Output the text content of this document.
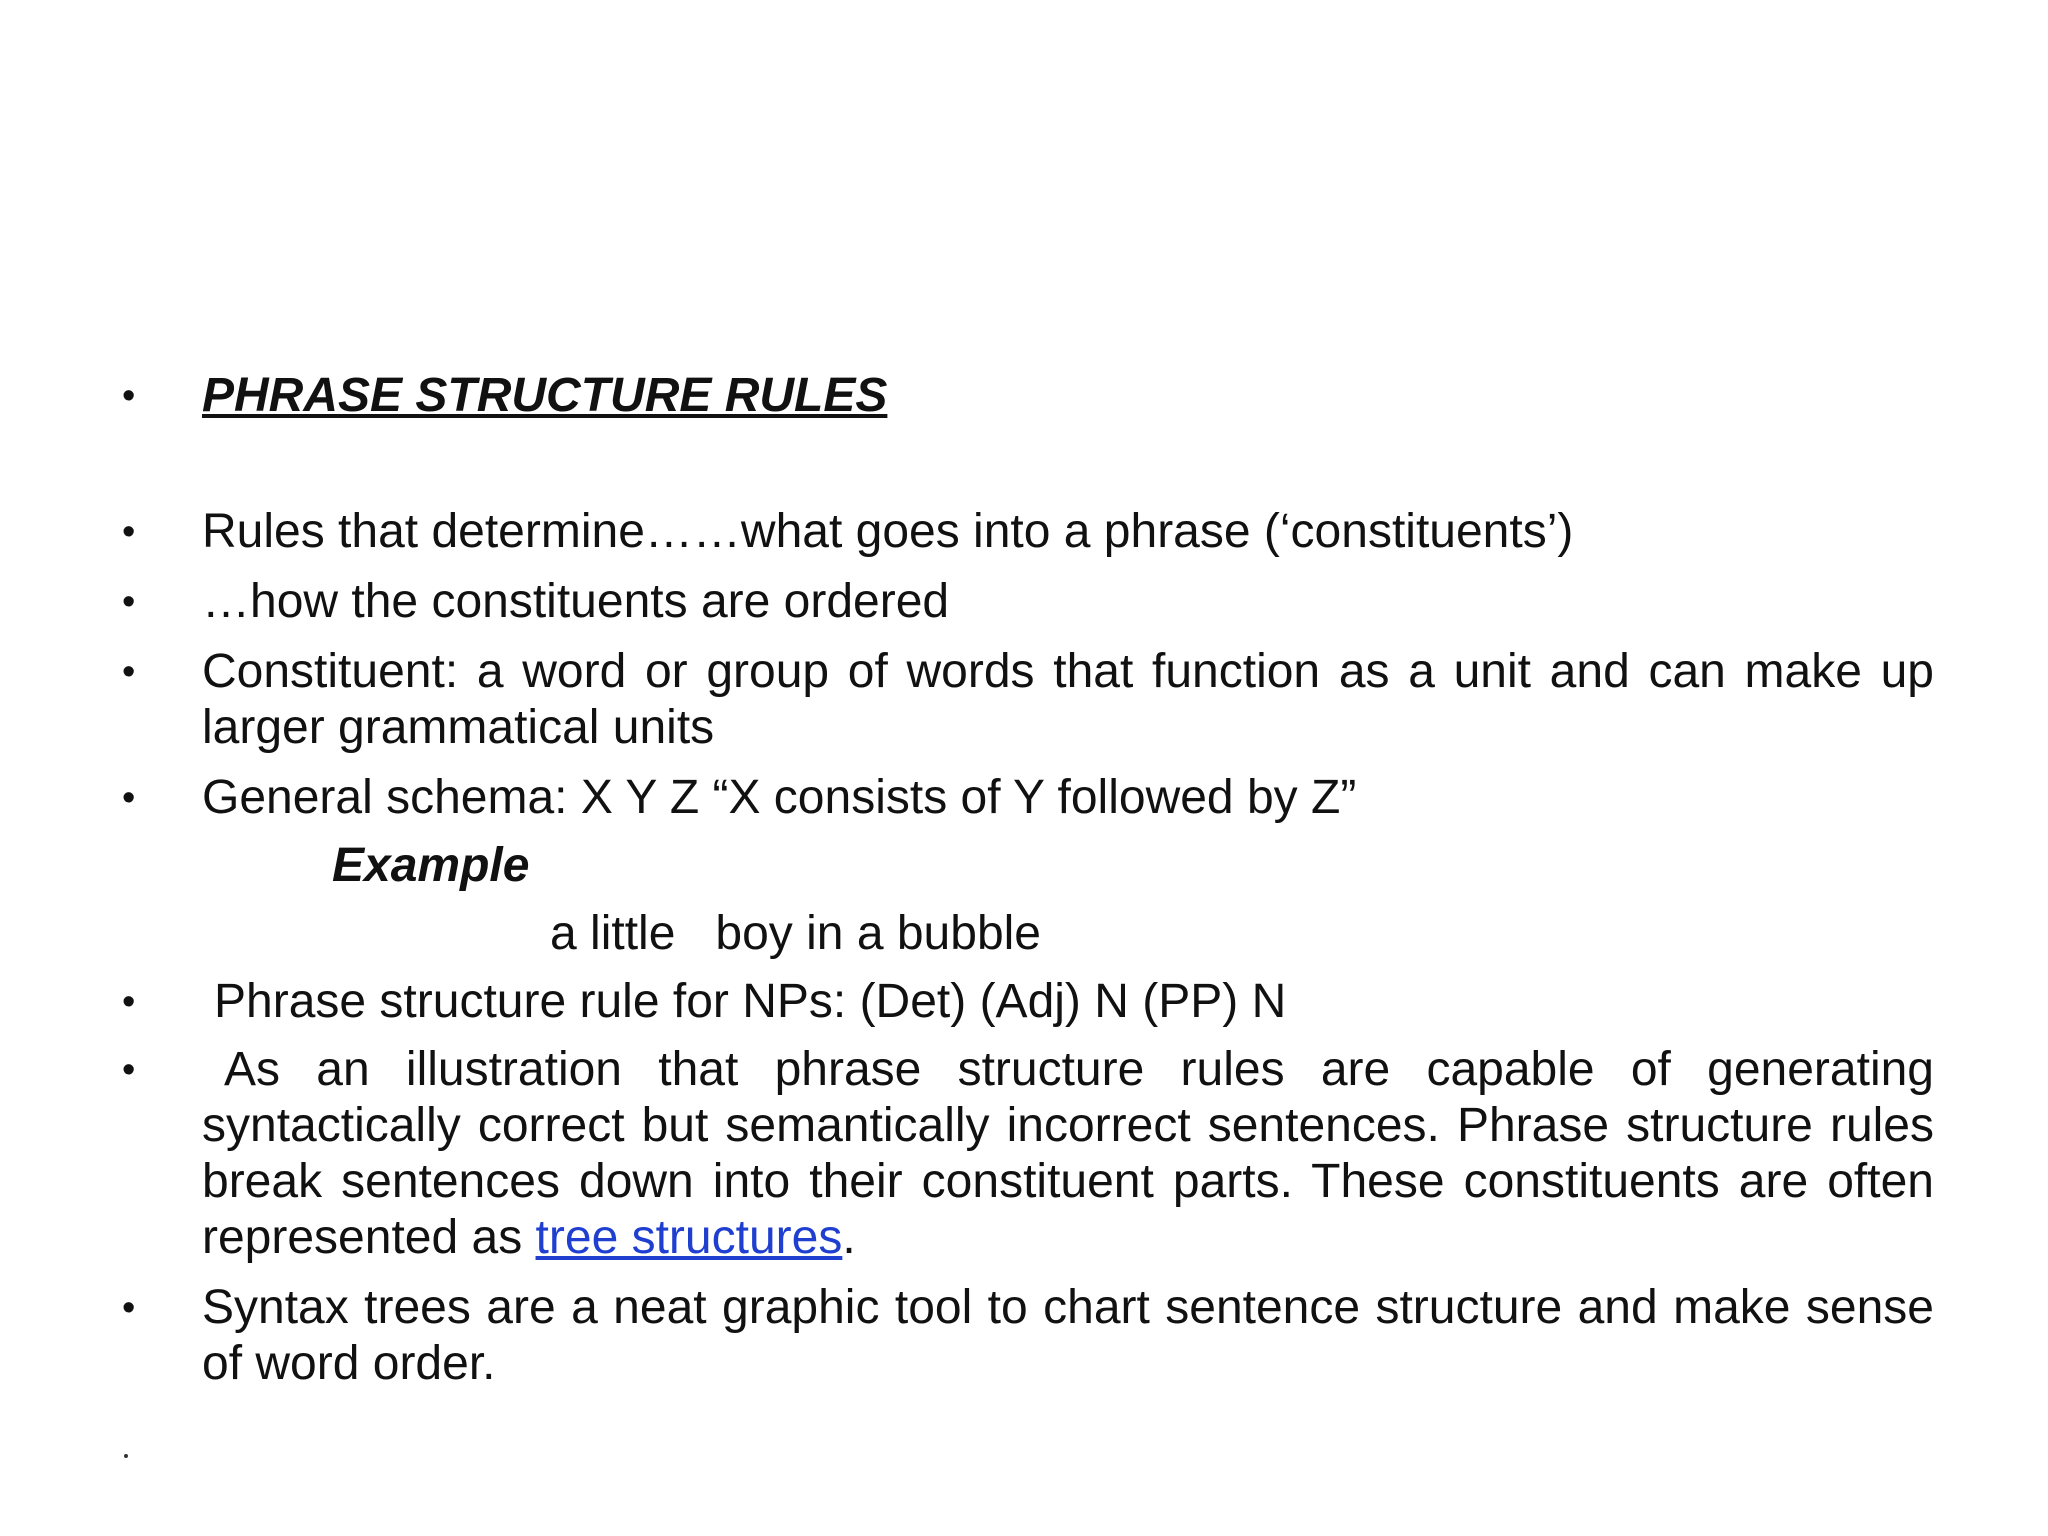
• PHRASE STRUCTURE RULES
• Rules that determine……what goes into a phrase (‘constituents’)
• …how the constituents are ordered
• Constituent: a word or group of words that function as a unit and can make up larger grammatical units
• General schema: X Y Z “X consists of Y followed by Z”
Example
a little   boy in a bubble
• Phrase structure rule for NPs: (Det) (Adj) N (PP) N
•	As an illustration that phrase structure rules are capable of generating syntactically correct but semantically incorrect sentences. Phrase structure rules break sentences down into their constituent parts. These constituents are often represented as tree structures.
• Syntax trees are a neat graphic tool to chart sentence structure and make sense of word order.
